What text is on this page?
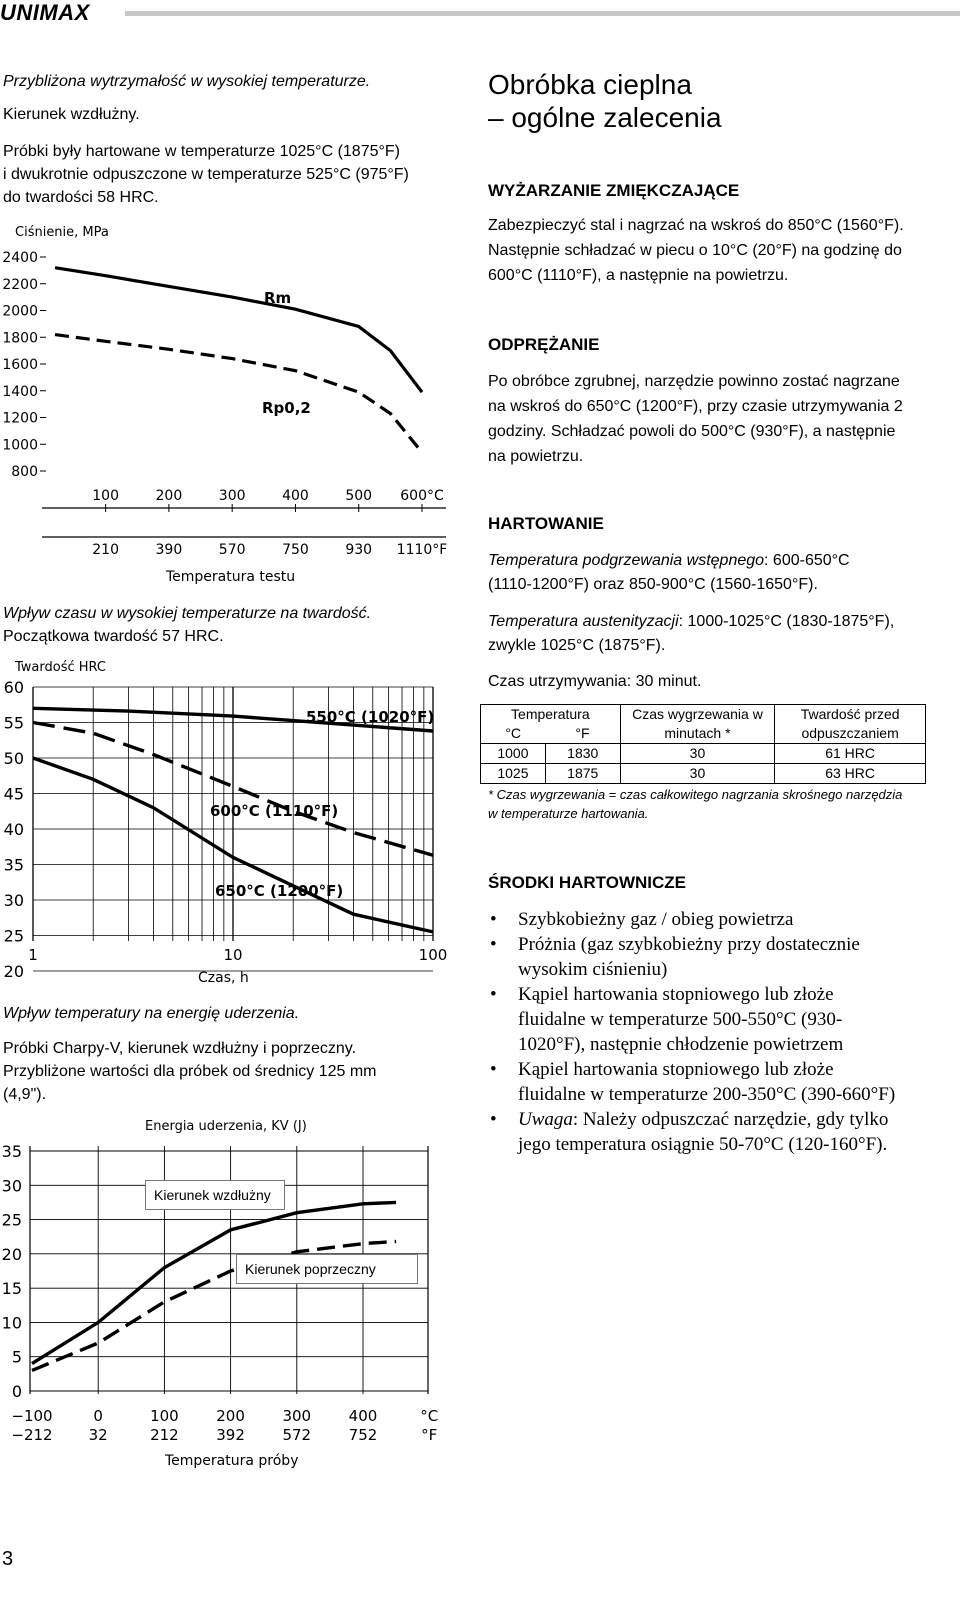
UNIMAX
Przybliżona wytrzymałość w wysokiej temperaturze.
Kierunek wzdłużny.
Próbki były hartowane w temperaturze 1025°C (1875°F)
i dwukrotnie odpuszczone w temperaturze 525°C (975°F)
do twardości 58 HRC.
Ciśnienie, MPa
2400
2200
2000
1800
1600
1400
1200
1000
800
100	200	300	400	500 600°C
210	390	570	750	930 1110°F
Rm
Rp0,2
Temperatura testu
Wpływ czasu w wysokiej temperaturze na twardość.
Początkowa twardość 57 HRC.
Twardość HRC
60
55
50
45
40
35
30
25
20
1	10	100
550°C (1020°F)
600°C (1110°F)
650°C (1200°F)
Czas, h
Wpływ temperatury na energię uderzenia.
Próbki Charpy-V, kierunek wzdłużny i poprzeczny.
Przybliżone wartości dla próbek od średnicy 125 mm
(4,9").
Energia uderzenia, KV (J)
35
30
25
20
15
10
5
0
−100	0	100	200	300	400	°C
−212 32	212	392	572	752	°F
Temperatura próby
Kierunek wzdłużny
Kierunek poprzeczny
3
Obróbka cieplna
– ogólne zalecenia
WYŻARZANIE ZMIĘKCZAJĄCE
Zabezpieczyć stal i nagrzać na wskroś do 850°C (1560°F).
Następnie schładzać w piecu o 10°C (20°F) na godzinę do
600°C (1110°F), a następnie na powietrzu.
ODPRĘŻANIE
Po obróbce zgrubnej, narzędzie powinno zostać nagrzane
na wskroś do 650°C (1200°F), przy czasie utrzymywania 2
godziny. Schładzać powoli do 500°C (930°F), a następnie
na powietrzu.
HARTOWANIE
Temperatura podgrzewania wstępnego: 600-650°C
(1110-1200°F) oraz 850-900°C (1560-1650°F).
Temperatura austenityzacji: 1000-1025°C (1830-1875°F),
zwykle 1025°C (1875°F).
Czas utrzymywania: 30 minut.
Temperatura		Czas wygrzewania w	Twardość przed
°C	°F	minutach *	odpuszczaniem
1000	1830	30	61 HRC
1025	1875	30	63 HRC
* Czas wygrzewania = czas całkowitego nagrzania skrośnego narzędzia
w temperaturze hartowania.
ŚRODKI HARTOWNICZE
• Szybkobieżny gaz / obieg powietrza
• Próżnia (gaz szybkobieżny przy dostatecznie
wysokim ciśnieniu)
• Kąpiel hartowania stopniowego lub złoże
fluidalne w temperaturze 500-550°C (930-
1020°F), następnie chłodzenie powietrzem
• Kąpiel hartowania stopniowego lub złoże
fluidalne w temperaturze 200-350°C (390-660°F)
• Uwaga: Należy odpuszczać narzędzie, gdy tylko
jego temperatura osiągnie 50-70°C (120-160°F).
